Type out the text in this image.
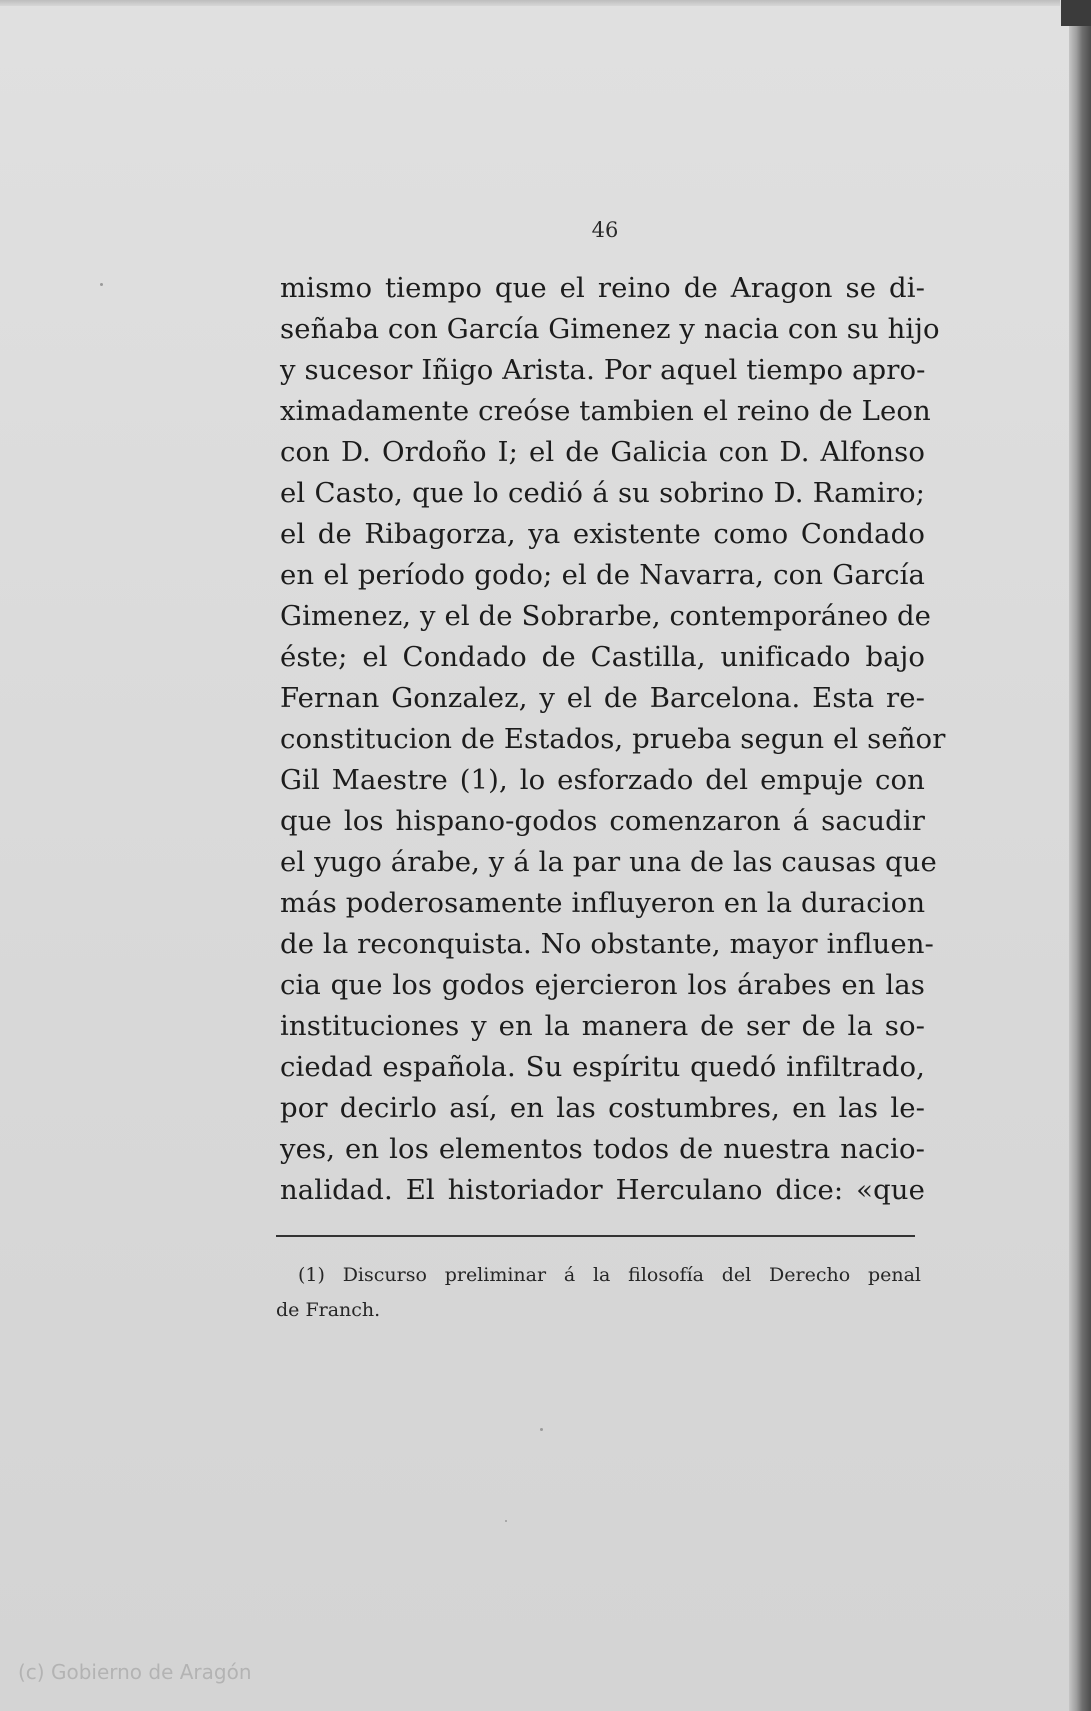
46
mismo tiempo que el reino de Aragon se di-
señaba con García Gimenez y nacia con su hijo
y sucesor Iñigo Arista. Por aquel tiempo apro-
ximadamente creóse tambien el reino de Leon
con D. Ordoño I; el de Galicia con D. Alfonso
el Casto, que lo cedió á su sobrino D. Ramiro;
el de Ribagorza, ya existente como Condado
en el período godo; el de Navarra, con García
Gimenez, y el de Sobrarbe, contemporáneo de
éste; el Condado de Castilla, unificado bajo
Fernan Gonzalez, y el de Barcelona. Esta re-
constitucion de Estados, prueba segun el señor
Gil Maestre (1), lo esforzado del empuje con
que los hispano-godos comenzaron á sacudir
el yugo árabe, y á la par una de las causas que
más poderosamente influyeron en la duracion
de la reconquista. No obstante, mayor influen-
cia que los godos ejercieron los árabes en las
instituciones y en la manera de ser de la so-
ciedad española. Su espíritu quedó infiltrado,
por decirlo así, en las costumbres, en las le-
yes, en los elementos todos de nuestra nacio-
nalidad. El historiador Herculano dice: «que
(1) Discurso preliminar á la filosofía del Derecho penal
de Franch.
(c) Gobierno de Aragón
